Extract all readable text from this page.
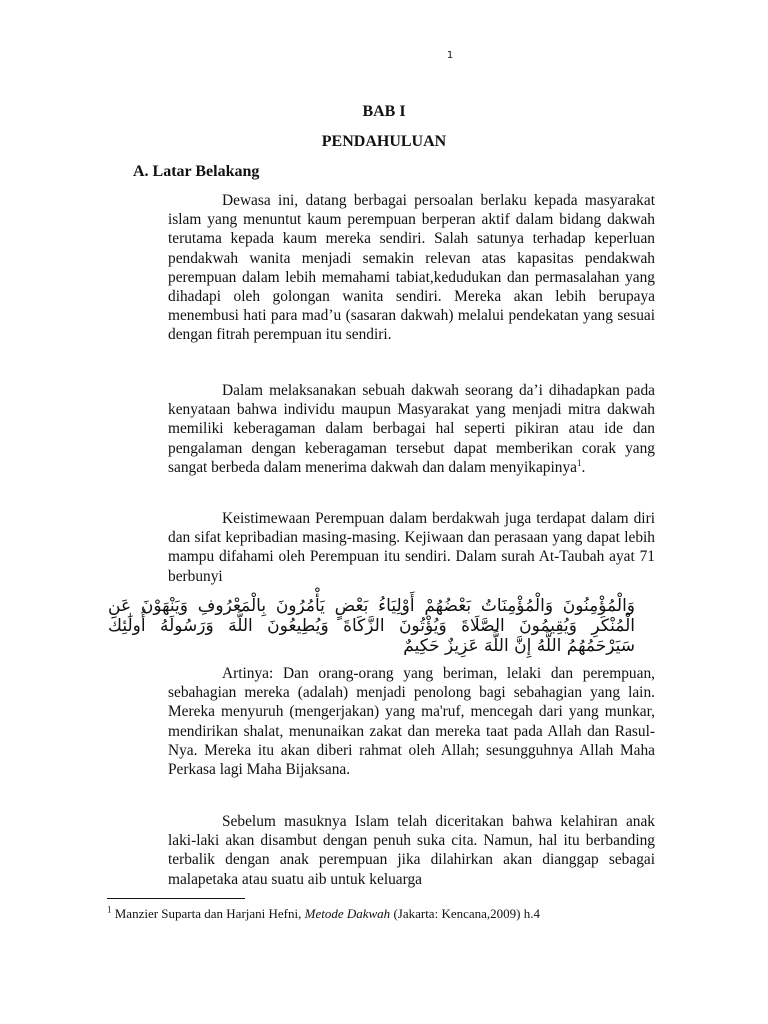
1
BAB I
PENDAHULUAN
A. Latar Belakang

Dewasa ini, datang berbagai persoalan berlaku kepada masyarakat islam yang menuntut kaum perempuan berperan aktif dalam bidang dakwah terutama kepada kaum mereka sendiri. Salah satunya terhadap keperluan pendakwah wanita menjadi semakin relevan atas kapasitas pendakwah perempuan dalam lebih memahami tabiat,kedudukan dan permasalahan yang dihadapi oleh golongan wanita sendiri. Mereka akan lebih berupaya menembusi hati para mad’u (sasaran dakwah) melalui pendekatan yang sesuai dengan fitrah perempuan itu sendiri.

Dalam melaksanakan sebuah dakwah seorang da’i dihadapkan pada kenyataan bahwa individu maupun Masyarakat yang menjadi mitra dakwah memiliki keberagaman dalam berbagai hal seperti pikiran atau ide dan pengalaman dengan keberagaman tersebut dapat memberikan corak yang sangat berbeda dalam menerima dakwah dan dalam menyikapinya$^1$.

Keistimewaan Perempuan dalam berdakwah juga terdapat dalam diri dan sifat kepribadian masing-masing. Kejiwaan dan perasaan yang dapat lebih mampu difahami oleh Perempuan itu sendiri. Dalam surah At-Taubah ayat 71 berbunyi

وَالْمُؤْمِنُونَ وَالْمُؤْمِنَاتُ بَعْضُهُمْ أَوْلِيَاءُ بَعْضٍ يَأْمُرُونَ بِالْمَعْرُوفِ وَيَنْهَوْنَ عَنِ الْمُنْكَرِ وَيُقِيمُونَ الصَّلَاةَ وَيُؤْتُونَ الزَّكَاةَ وَيُطِيعُونَ اللَّهَ وَرَسُولَهُ أُولَٰئِكَ سَيَرْحَمُهُمُ اللَّهُ إِنَّ اللَّهَ عَزِيزٌ حَكِيمٌ

Artinya: Dan orang-orang yang beriman, lelaki dan perempuan, sebahagian mereka (adalah) menjadi penolong bagi sebahagian yang lain. Mereka menyuruh (mengerjakan) yang ma'ruf, mencegah dari yang munkar, mendirikan shalat, menunaikan zakat dan mereka taat pada Allah dan Rasul-Nya. Mereka itu akan diberi rahmat oleh Allah; sesungguhnya Allah Maha Perkasa lagi Maha Bijaksana.

Sebelum masuknya Islam telah diceritakan bahwa kelahiran anak laki-laki akan disambut dengan penuh suka cita. Namun, hal itu berbanding terbalik dengan anak perempuan jika dilahirkan akan dianggap sebagai malapetaka atau suatu aib untuk keluarga

$^1$ Manzier Suparta dan Harjani Hefni, Metode Dakwah (Jakarta: Kencana,2009) h.4
